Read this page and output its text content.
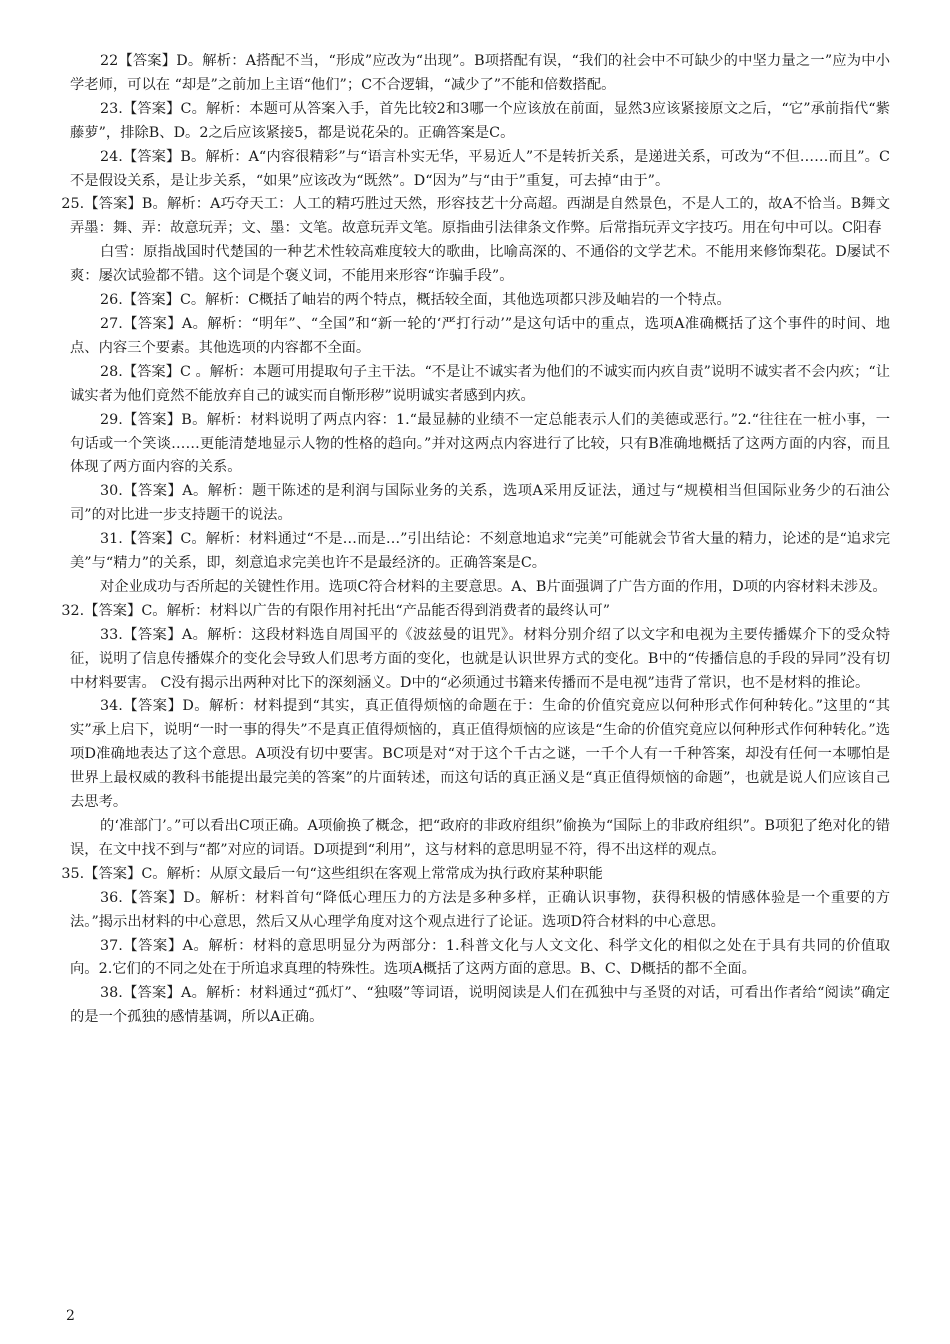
22【答案】D。解析：A搭配不当，“形成”应改为“出现”。B项搭配有误，“我们的社会中不可缺少的中坚力量之一”应为中小学老师，可以在 “却是”之前加上主语“他们”；C不合逻辑，“减少了”不能和倍数搭配。

23.【答案】C。解析：本题可从答案入手，首先比较2和3哪一个应该放在前面，显然3应该紧接原文之后，“它”承前指代“紫藤萝”，排除B、D。2之后应该紧接5，都是说花朵的。正确答案是C。

24.【答案】B。解析：A“内容很精彩”与“语言朴实无华，平易近人”不是转折关系，是递进关系，可改为“不但……而且”。C不是假设关系，是让步关系，“如果”应该改为“既然”。D“因为”与“由于”重复，可去掉“由于”。

25.【答案】B。解析：A巧夺天工：人工的精巧胜过天然，形容技艺十分高超。西湖是自然景色，不是人工的，故A不恰当。B舞文弄墨：舞、弄：故意玩弄；文、墨：文笔。故意玩弄文笔。原指曲引法律条文作弊。后常指玩弄文字技巧。用在句中可以。C阳春

白雪：原指战国时代楚国的一种艺术性较高难度较大的歌曲，比喻高深的、不通俗的文学艺术。不能用来修饰梨花。D屡试不爽：屡次试验都不错。这个词是个褒义词，不能用来形容“诈骗手段”。

26.【答案】C。解析：C概括了岫岩的两个特点，概括较全面，其他选项都只涉及岫岩的一个特点。

27.【答案】A。解析：“明年”、“全国”和“新一轮的‘严打行动’”是这句话中的重点，选项A准确概括了这个事件的时间、地点、内容三个要素。其他选项的内容都不全面。

28.【答案】C 。解析：本题可用提取句子主干法。“不是让不诚实者为他们的不诚实而内疚自责”说明不诚实者不会内疚；“让诚实者为他们竟然不能放弃自己的诚实而自惭形秽”说明诚实者感到内疚。

29.【答案】B。解析：材料说明了两点内容：1.“最显赫的业绩不一定总能表示人们的美德或恶行。”2.“往往在一桩小事，一句话或一个笑谈……更能清楚地显示人物的性格的趋向。”并对这两点内容进行了比较，只有B准确地概括了这两方面的内容，而且体现了两方面内容的关系。

30.【答案】A。解析：题干陈述的是利润与国际业务的关系，选项A采用反证法，通过与“规模相当但国际业务少的石油公司”的对比进一步支持题干的说法。

31.【答案】C。解析：材料通过“不是…而是…”引出结论：不刻意地追求“完美”可能就会节省大量的精力，论述的是“追求完美”与“精力”的关系，即，刻意追求完美也许不是最经济的。正确答案是C。

对企业成功与否所起的关键性作用。选项C符合材料的主要意思。A、B片面强调了广告方面的作用，D项的内容材料未涉及。

32.【答案】C。解析：材料以广告的有限作用衬托出“产品能否得到消费者的最终认可”

33.【答案】A。解析：这段材料选自周国平的《波兹曼的诅咒》。材料分别介绍了以文字和电视为主要传播媒介下的受众特征，说明了信息传播媒介的变化会导致人们思考方面的变化，也就是认识世界方式的变化。B中的“传播信息的手段的异同”没有切中材料要害。 C没有揭示出两种对比下的深刻涵义。D中的“必须通过书籍来传播而不是电视”违背了常识，也不是材料的推论。

34.【答案】D。解析：材料提到“其实，真正值得烦恼的命题在于：生命的价值究竟应以何种形式作何种转化。”这里的“其实”承上启下，说明“一时一事的得失”不是真正值得烦恼的，真正值得烦恼的应该是“生命的价值究竟应以何种形式作何种转化。”选项D准确地表达了这个意思。A项没有切中要害。BC项是对“对于这个千古之谜，一千个人有一千种答案，却没有任何一本哪怕是世界上最权威的教科书能提出最完美的答案”的片面转述，而这句话的真正涵义是“真正值得烦恼的命题”，也就是说人们应该自己去思考。

的‘准部门’。”可以看出C项正确。A项偷换了概念，把“政府的非政府组织”偷换为“国际上的非政府组织”。B项犯了绝对化的错误，在文中找不到与“都”对应的词语。D项提到“利用”，这与材料的意思明显不符，得不出这样的观点。

35.【答案】C。解析：从原文最后一句“这些组织在客观上常常成为执行政府某种职能

36.【答案】D。解析：材料首句“降低心理压力的方法是多种多样，正确认识事物，获得积极的情感体验是一个重要的方法。”揭示出材料的中心意思，然后又从心理学角度对这个观点进行了论证。选项D符合材料的中心意思。

37.【答案】A。解析：材料的意思明显分为两部分：1.科普文化与人文文化、科学文化的相似之处在于具有共同的价值取向。2.它们的不同之处在于所追求真理的特殊性。选项A概括了这两方面的意思。B、C、D概括的都不全面。

38.【答案】A。解析：材料通过“孤灯”、“独啜”等词语，说明阅读是人们在孤独中与圣贤的对话，可看出作者给“阅读”确定的是一个孤独的感情基调，所以A正确。

2
